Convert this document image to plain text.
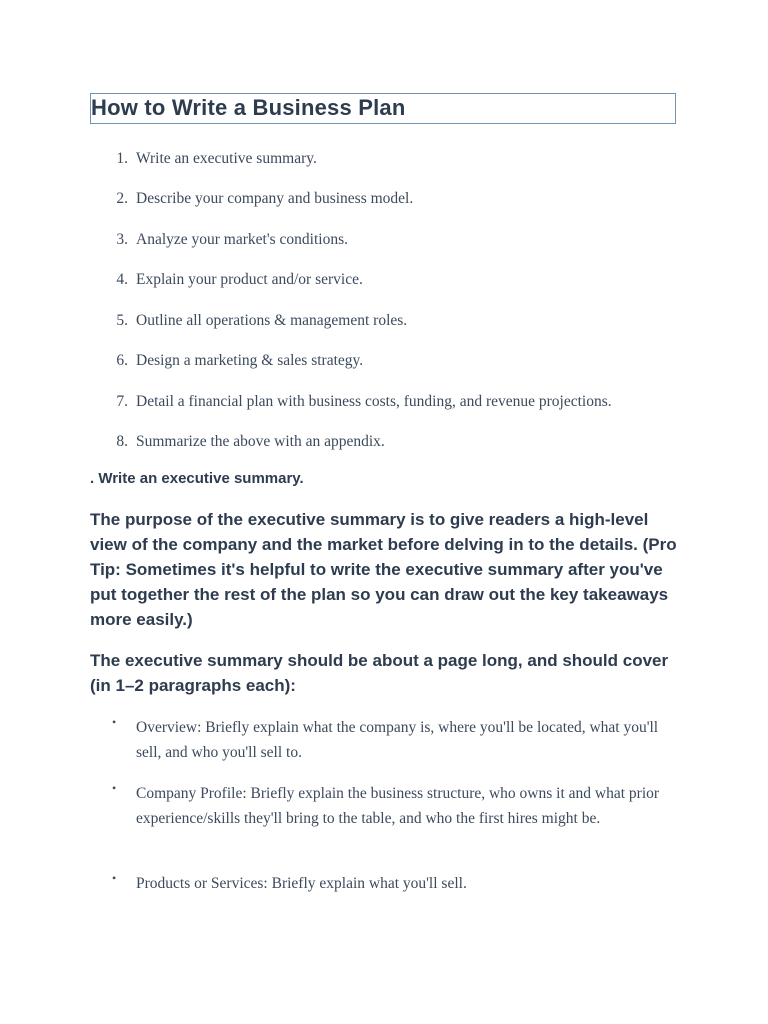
How to Write a Business Plan
1. Write an executive summary.
2. Describe your company and business model.
3. Analyze your market's conditions.
4. Explain your product and/or service.
5. Outline all operations & management roles.
6. Design a marketing & sales strategy.
7. Detail a financial plan with business costs, funding, and revenue projections.
8. Summarize the above with an appendix.
. Write an executive summary.
The purpose of the executive summary is to give readers a high-level view of the company and the market before delving in to the details. (Pro Tip: Sometimes it's helpful to write the executive summary after you've put together the rest of the plan so you can draw out the key takeaways more easily.)
The executive summary should be about a page long, and should cover (in 1–2 paragraphs each):
• Overview: Briefly explain what the company is, where you'll be located, what you'll sell, and who you'll sell to.
• Company Profile: Briefly explain the business structure, who owns it and what prior experience/skills they'll bring to the table, and who the first hires might be.
• Products or Services: Briefly explain what you'll sell.
